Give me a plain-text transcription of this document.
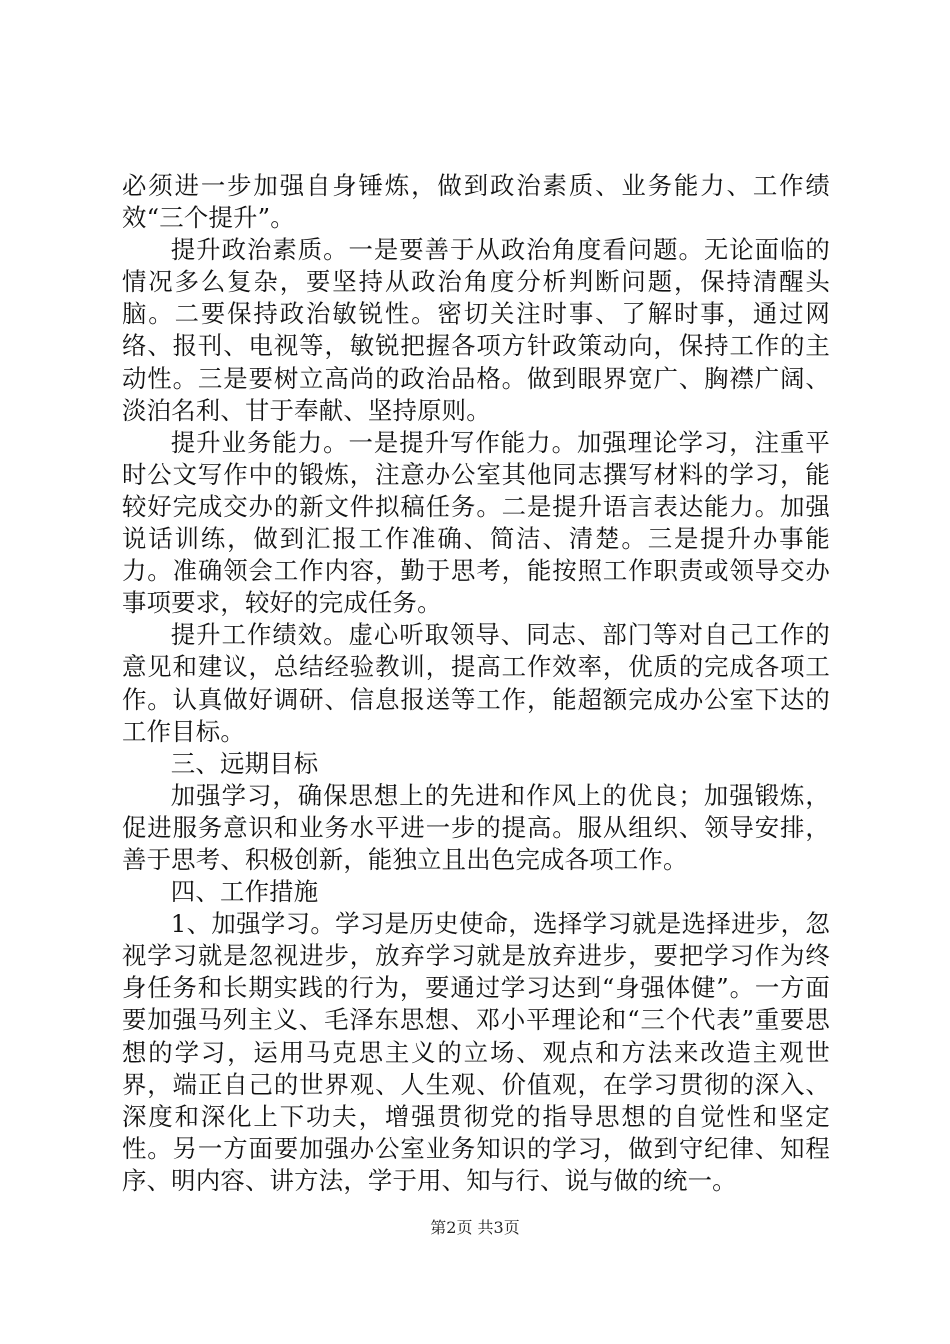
必须进一步加强自身锤炼，做到政治素质、业务能力、工作绩效“三个提升”。

提升政治素质。一是要善于从政治角度看问题。无论面临的情况多么复杂，要坚持从政治角度分析判断问题，保持清醒头脑。二要保持政治敏锐性。密切关注时事、了解时事，通过网络、报刊、电视等，敏锐把握各项方针政策动向，保持工作的主动性。三是要树立高尚的政治品格。做到眼界宽广、胸襟广阔、淡泊名利、甘于奉献、坚持原则。

提升业务能力。一是提升写作能力。加强理论学习，注重平时公文写作中的锻炼，注意办公室其他同志撰写材料的学习，能较好完成交办的新文件拟稿任务。二是提升语言表达能力。加强说话训练，做到汇报工作准确、简洁、清楚。三是提升办事能力。准确领会工作内容，勤于思考，能按照工作职责或领导交办事项要求，较好的完成任务。

提升工作绩效。虚心听取领导、同志、部门等对自己工作的意见和建议，总结经验教训，提高工作效率，优质的完成各项工作。认真做好调研、信息报送等工作，能超额完成办公室下达的工作目标。

三、远期目标

加强学习，确保思想上的先进和作风上的优良；加强锻炼，促进服务意识和业务水平进一步的提高。服从组织、领导安排，善于思考、积极创新，能独立且出色完成各项工作。

四、工作措施

1、加强学习。学习是历史使命，选择学习就是选择进步，忽视学习就是忽视进步，放弃学习就是放弃进步，要把学习作为终身任务和长期实践的行为，要通过学习达到“身强体健”。一方面要加强马列主义、毛泽东思想、邓小平理论和“三个代表”重要思想的学习，运用马克思主义的立场、观点和方法来改造主观世界，端正自己的世界观、人生观、价值观，在学习贯彻的深入、深度和深化上下功夫，增强贯彻党的指导思想的自觉性和坚定性。另一方面要加强办公室业务知识的学习，做到守纪律、知程序、明内容、讲方法，学于用、知与行、说与做的统一。

第2页 共3页
